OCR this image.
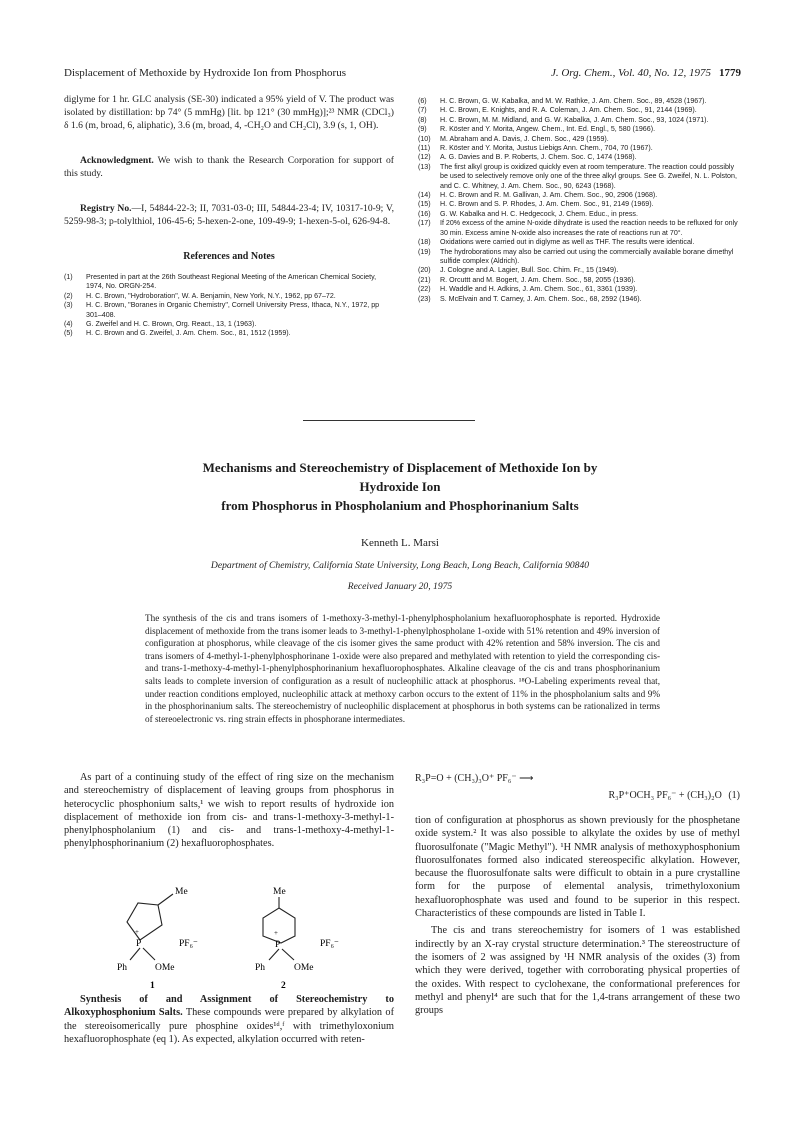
Displacement of Methoxide by Hydroxide Ion from Phosphorus	J. Org. Chem., Vol. 40, No. 12, 1975 1779

diglyme for 1 hr. GLC analysis (SE-30) indicated a 95% yield of V. The product was isolated by distillation: bp 74° (5 mmHg) [lit. bp 121° (30 mmHg)];²³ NMR (CDCl₃) δ 1.6 (m, broad, 6, aliphatic), 3.6 (m, broad, 4, -CH₂O and CH₂Cl), 3.9 (s, 1, OH).

Acknowledgment. We wish to thank the Research Corporation for support of this study.

Registry No.—I, 54844-22-3; II, 7031-03-0; III, 54844-23-4; IV, 10317-10-9; V, 5259-98-3; p-tolylthiol, 106-45-6; 5-hexen-2-one, 109-49-9; 1-hexen-5-ol, 626-94-8.

References and Notes
(1)	Presented in part at the 26th Southeast Regional Meeting of the American Chemical Society, 1974, No. ORGN-254.
(2)	H. C. Brown, "Hydroboration", W. A. Benjamin, New York, N.Y., 1962, pp 67–72.
(3)	H. C. Brown, "Boranes in Organic Chemistry", Cornell University Press, Ithaca, N.Y., 1972, pp 301–408.
(4)	G. Zweifel and H. C. Brown, Org. React., 13, 1 (1963).
(5)	H. C. Brown and G. Zweifel, J. Am. Chem. Soc., 81, 1512 (1959).
(6)	H. C. Brown, G. W. Kabalka, and M. W. Rathke, J. Am. Chem. Soc., 89, 4528 (1967).
(7)	H. C. Brown, E. Knights, and R. A. Coleman, J. Am. Chem. Soc., 91, 2144 (1969).
(8)	H. C. Brown, M. M. Midland, and G. W. Kabalka, J. Am. Chem. Soc., 93, 1024 (1971).
(9)	R. Köster and Y. Morita, Angew. Chem., Int. Ed. Engl., 5, 580 (1966).
(10)	M. Abraham and A. Davis, J. Chem. Soc., 429 (1959).
(11)	R. Köster and Y. Morita, Justus Liebigs Ann. Chem., 704, 70 (1967).
(12)	A. G. Davies and B. P. Roberts, J. Chem. Soc. C, 1474 (1968).
(13)	The first alkyl group is oxidized quickly even at room temperature. The reaction could possibly be used to selectively remove only one of the three alkyl groups. See G. Zweifel, N. L. Polston, and C. C. Whitney, J. Am. Chem. Soc., 90, 6243 (1968).
(14)	H. C. Brown and R. M. Gallivan, J. Am. Chem. Soc., 90, 2906 (1968).
(15)	H. C. Brown and S. P. Rhodes, J. Am. Chem. Soc., 91, 2149 (1969).
(16)	G. W. Kabalka and H. C. Hedgecock, J. Chem. Educ., in press.
(17)	If 20% excess of the amine N-oxide dihydrate is used the reaction needs to be refluxed for only 30 min. Excess amine N-oxide also increases the rate of reactions run at 70°.
(18)	Oxidations were carried out in diglyme as well as THF. The results were identical.
(19)	The hydroborations may also be carried out using the commercially available borane dimethyl sulfide complex (Aldrich).
(20)	J. Cologne and A. Lagier, Bull. Soc. Chim. Fr., 15 (1949).
(21)	R. Orcuttt and M. Bogert, J. Am. Chem. Soc., 58, 2055 (1936).
(22)	H. Waddle and H. Adkins, J. Am. Chem. Soc., 61, 3361 (1939).
(23)	S. McElvain and T. Carney, J. Am. Chem. Soc., 68, 2592 (1946).
Mechanisms and Stereochemistry of Displacement of Methoxide Ion by
Hydroxide Ion
from Phosphorus in Phospholanium and Phosphorinanium Salts
Kenneth L. Marsi
Department of Chemistry, California State University, Long Beach, Long Beach, California 90840
Received January 20, 1975
The synthesis of the cis and trans isomers of 1-methoxy-3-methyl-1-phenylphospholanium hexafluorophosphate is reported. Hydroxide displacement of methoxide from the trans isomer leads to 3-methyl-1-phenylphospholane 1-oxide with 51% retention and 49% inversion of configuration at phosphorus, while cleavage of the cis isomer gives the same product with 42% retention and 58% inversion. The cis and trans isomers of 4-methyl-1-phenylphosphorinane 1-oxide were also prepared and methylated with retention to yield the corresponding cis- and trans-1-methoxy-4-methyl-1-phenylphosphorinanium hexafluorophosphates. Alkaline cleavage of the cis and trans phosphorinanium salts leads to complete inversion of configuration as a result of nucleophilic attack at phosphorus. ¹⁸O-Labeling experiments reveal that, under reaction conditions employed, nucleophilic attack at methoxy carbon occurs to the extent of 11% in the phospholanium salts and 9% in the phosphorinanium salts. The stereochemistry of nucleophilic displacement at phosphorus in both systems can be rationalized in terms of stereoelectronic vs. ring strain effects in phosphorane intermediates.
As part of a continuing study of the effect of ring size on the mechanism and stereochemistry of displacement of leaving groups from phosphorus in heterocyclic phosphonium salts,¹ we wish to report results of hydroxide ion displacement of methoxide ion from cis- and trans-1-methoxy-3-methyl-1-phenylphospholanium (1) and cis- and trans-1-methoxy-4-methyl-1-phenylphosphorinanium (2) hexafluorophosphates.
Me
+
P
Ph	OMe
PF₆⁻
1
Me
+
P
Ph	OMe
PF₆⁻
2
Synthesis of and Assignment of Stereochemistry to Alkoxyphosphonium Salts. These compounds were prepared by alkylation of the stereoisomerically pure phosphine oxides¹ᵈ,ᶠ with trimethyloxonium hexafluorophosphate (eq 1). As expected, alkylation occurred with reten-
R₃P=O + (CH₃)₃O⁺ PF₆⁻ ⟶
R₃P⁺OCH₃ PF₆⁻ + (CH₃)₂O (1)

tion of configuration at phosphorus as shown previously for the phosphetane oxide system.² It was also possible to alkylate the oxides by use of methyl fluorosulfonate ("Magic Methyl"). ¹H NMR analysis of methoxyphosphonium fluorosulfonates formed also indicated stereospecific alkylation. However, because the fluorosulfonate salts were difficult to obtain in a pure crystalline form for the purpose of elemental analysis, trimethyloxonium hexafluorophosphate was used and found to be superior in this respect. Characteristics of these compounds are listed in Table I.

The cis and trans stereochemistry for isomers of 1 was established indirectly by an X-ray crystal structure determination.³ The stereostructure of the isomers of 2 was assigned by ¹H NMR analysis of the oxides (3) from which they were derived, together with corroborating physical properties of the oxides. With respect to cyclohexane, the conformational preferences for methyl and phenyl⁴ are such that for the 1,4-trans arrangement of these two groups
